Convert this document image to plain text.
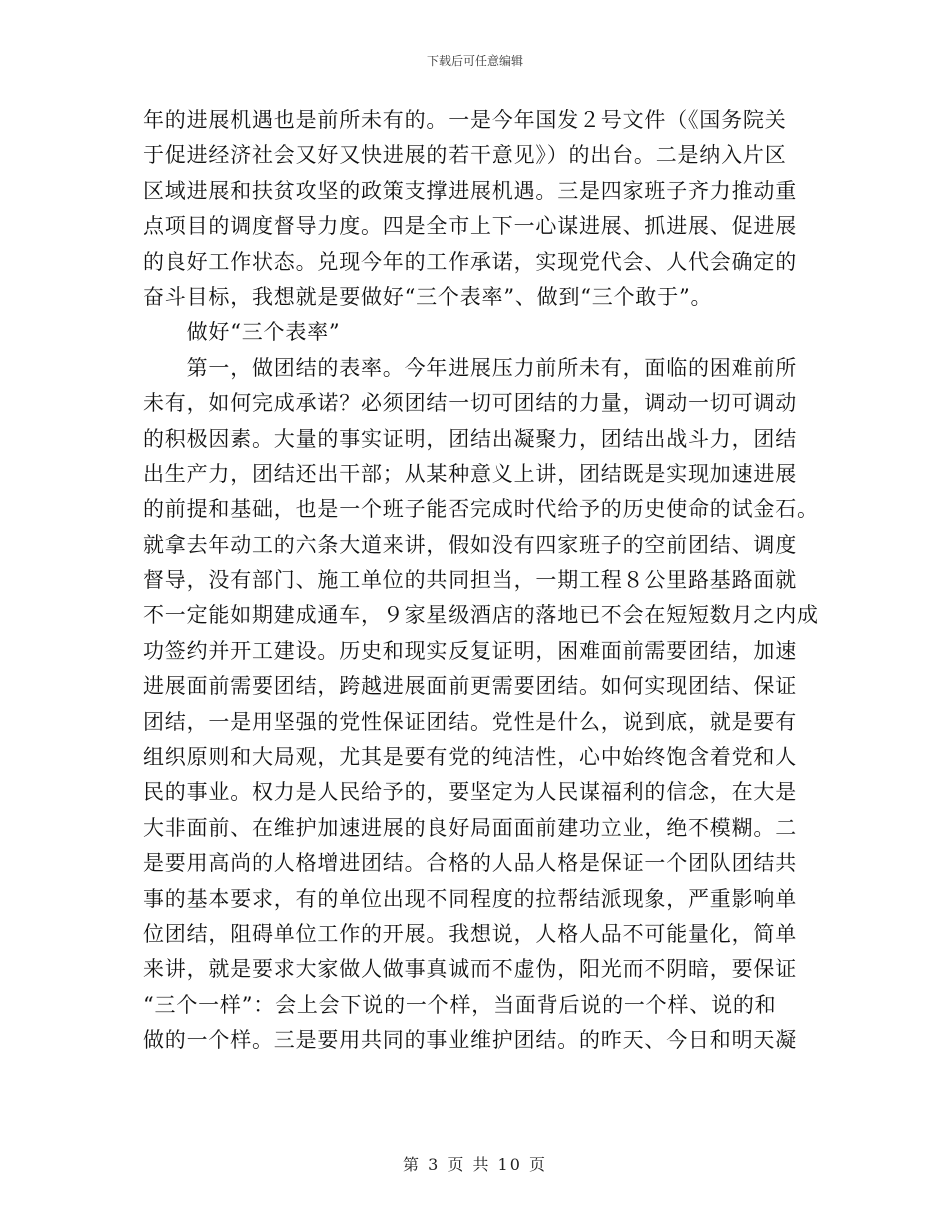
下载后可任意编辑
年的进展机遇也是前所未有的。一是今年国发２号文件（《国务院关
于促进经济社会又好又快进展的若干意见》）的出台。二是纳入片区
区域进展和扶贫攻坚的政策支撑进展机遇。三是四家班子齐力推动重
点项目的调度督导力度。四是全市上下一心谋进展、抓进展、促进展
的良好工作状态。兑现今年的工作承诺，实现党代会、人代会确定的
奋斗目标，我想就是要做好“三个表率”、做到“三个敢于”。
　　做好“三个表率”
　　第一，做团结的表率。今年进展压力前所未有，面临的困难前所
未有，如何完成承诺？必须团结一切可团结的力量，调动一切可调动
的积极因素。大量的事实证明，团结出凝聚力，团结出战斗力，团结
出生产力，团结还出干部；从某种意义上讲，团结既是实现加速进展
的前提和基础，也是一个班子能否完成时代给予的历史使命的试金石。
就拿去年动工的六条大道来讲，假如没有四家班子的空前团结、调度
督导，没有部门、施工单位的共同担当，一期工程８公里路基路面就
不一定能如期建成通车，９家星级酒店的落地已不会在短短数月之内成
功签约并开工建设。历史和现实反复证明，困难面前需要团结，加速
进展面前需要团结，跨越进展面前更需要团结。如何实现团结、保证
团结，一是用坚强的党性保证团结。党性是什么，说到底，就是要有
组织原则和大局观，尤其是要有党的纯洁性，心中始终饱含着党和人
民的事业。权力是人民给予的，要坚定为人民谋福利的信念，在大是
大非面前、在维护加速进展的良好局面面前建功立业，绝不模糊。二
是要用高尚的人格增进团结。合格的人品人格是保证一个团队团结共
事的基本要求，有的单位出现不同程度的拉帮结派现象，严重影响单
位团结，阻碍单位工作的开展。我想说，人格人品不可能量化，简单
来讲，就是要求大家做人做事真诚而不虚伪，阳光而不阴暗，要保证
“三个一样”：会上会下说的一个样，当面背后说的一个样、说的和
做的一个样。三是要用共同的事业维护团结。的昨天、今日和明天凝
第 3 页 共 10 页
